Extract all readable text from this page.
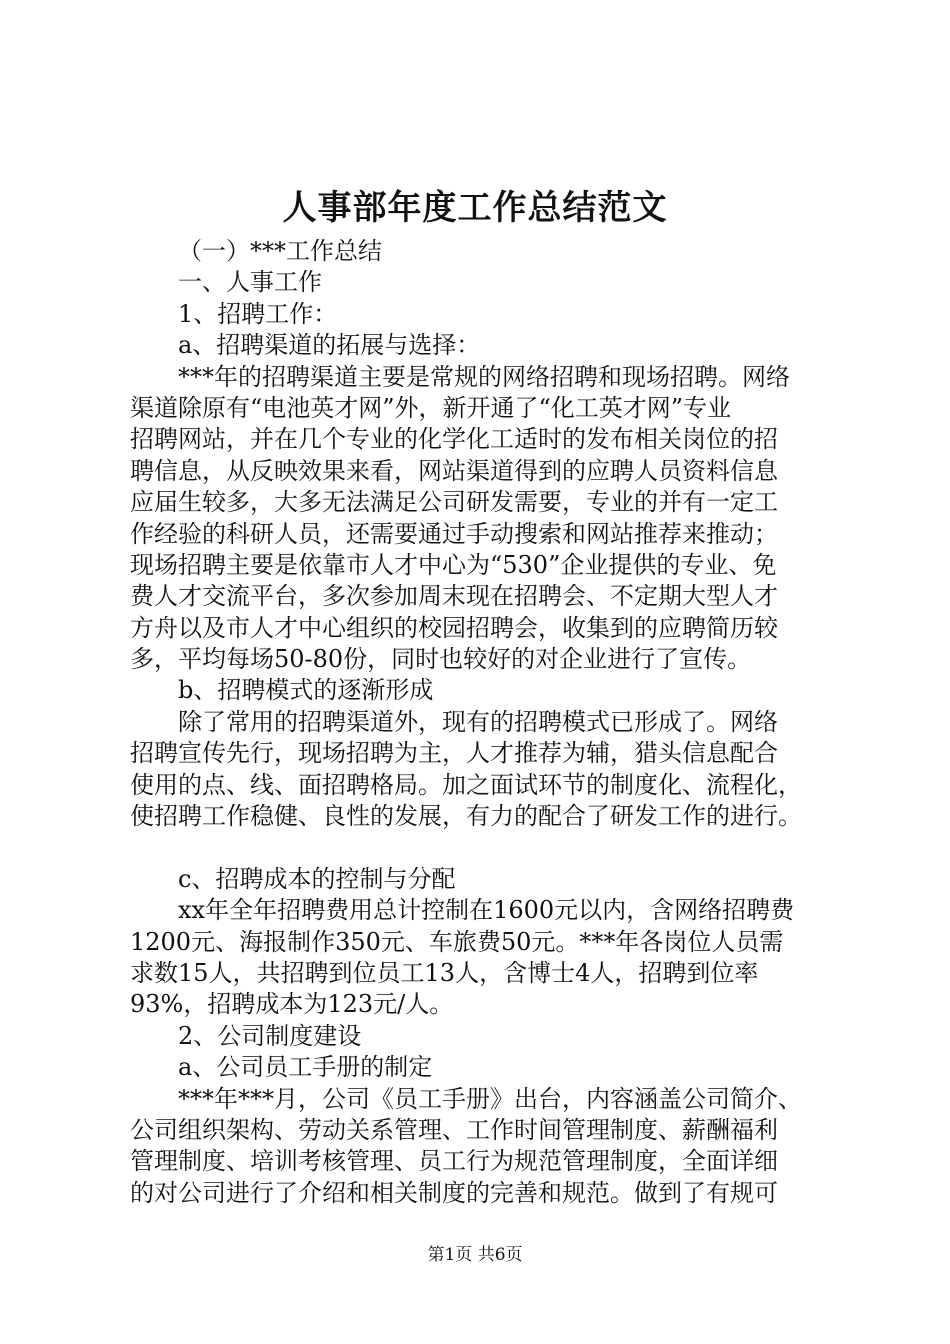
人事部年度工作总结范文
（一）***工作总结
一、人事工作
1、招聘工作：
a、招聘渠道的拓展与选择：
***年的招聘渠道主要是常规的网络招聘和现场招聘。网络
渠道除原有“电池英才网”外，新开通了“化工英才网”专业
招聘网站，并在几个专业的化学化工适时的发布相关岗位的招
聘信息，从反映效果来看，网站渠道得到的应聘人员资料信息
应届生较多，大多无法满足公司研发需要，专业的并有一定工
作经验的科研人员，还需要通过手动搜索和网站推荐来推动；
现场招聘主要是依靠市人才中心为“530”企业提供的专业、免
费人才交流平台，多次参加周末现在招聘会、不定期大型人才
方舟以及市人才中心组织的校园招聘会，收集到的应聘简历较
多，平均每场50-80份，同时也较好的对企业进行了宣传。
b、招聘模式的逐渐形成
除了常用的招聘渠道外，现有的招聘模式已形成了。网络
招聘宣传先行，现场招聘为主，人才推荐为辅，猎头信息配合
使用的点、线、面招聘格局。加之面试环节的制度化、流程化，
使招聘工作稳健、良性的发展，有力的配合了研发工作的进行。
c、招聘成本的控制与分配
xx年全年招聘费用总计控制在1600元以内，含网络招聘费
1200元、海报制作350元、车旅费50元。***年各岗位人员需
求数15人，共招聘到位员工13人，含博士4人，招聘到位率
93%，招聘成本为123元/人。
2、公司制度建设
a、公司员工手册的制定
***年***月，公司《员工手册》出台，内容涵盖公司简介、
公司组织架构、劳动关系管理、工作时间管理制度、薪酬福利
管理制度、培训考核管理、员工行为规范管理制度，全面详细
的对公司进行了介绍和相关制度的完善和规范。做到了有规可
第1页 共6页
